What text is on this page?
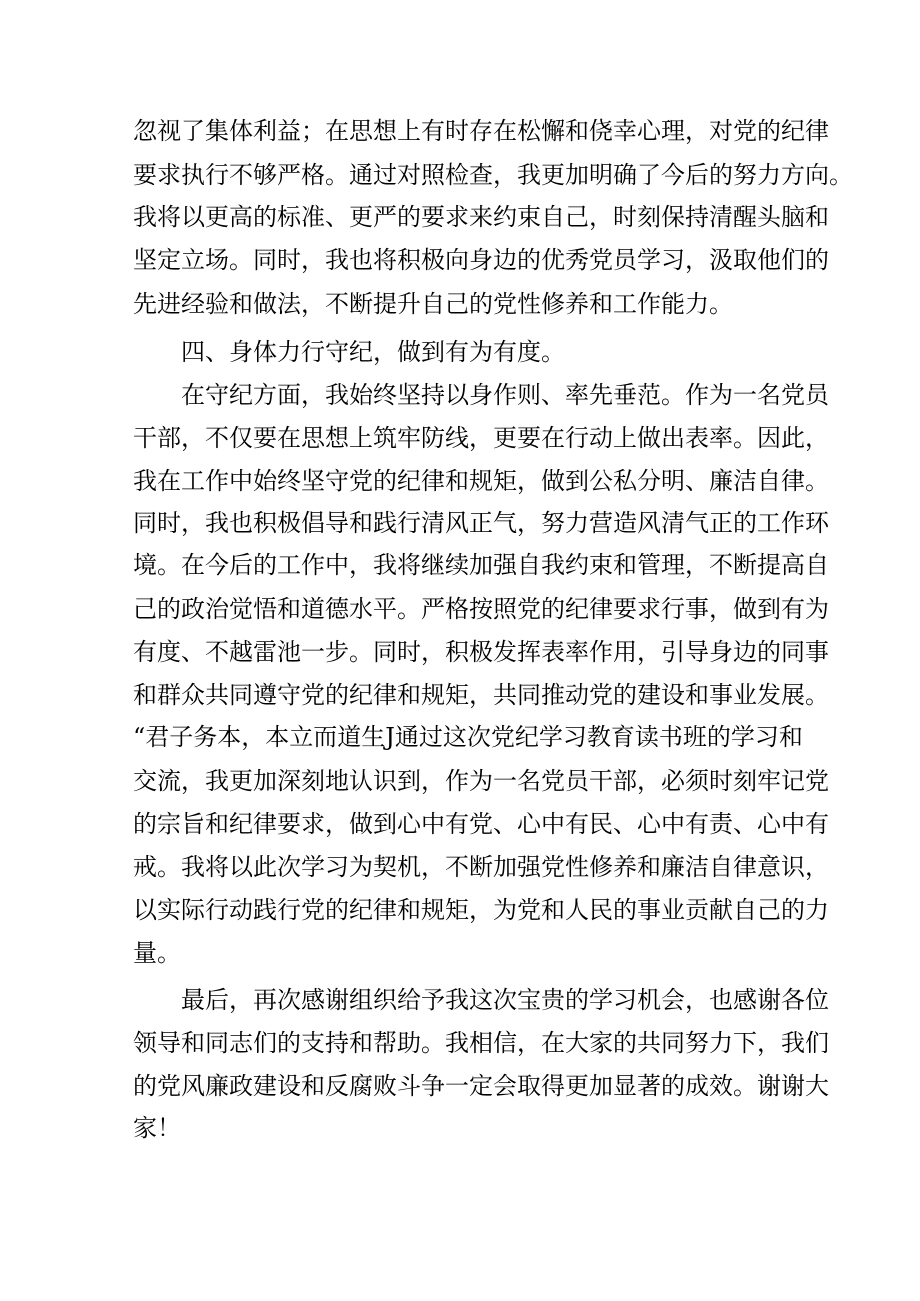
忽视了集体利益；在思想上有时存在松懈和侥幸心理，对党的纪律
要求执行不够严格。通过对照检查，我更加明确了今后的努力方向。
我将以更高的标准、更严的要求来约束自己，时刻保持清醒头脑和
坚定立场。同时，我也将积极向身边的优秀党员学习，汲取他们的
先进经验和做法，不断提升自己的党性修养和工作能力。
四、身体力行守纪，做到有为有度。
在守纪方面，我始终坚持以身作则、率先垂范。作为一名党员
干部，不仅要在思想上筑牢防线，更要在行动上做出表率。因此，
我在工作中始终坚守党的纪律和规矩，做到公私分明、廉洁自律。
同时，我也积极倡导和践行清风正气，努力营造风清气正的工作环
境。在今后的工作中，我将继续加强自我约束和管理，不断提高自
己的政治觉悟和道德水平。严格按照党的纪律要求行事，做到有为
有度、不越雷池一步。同时，积极发挥表率作用，引导身边的同事
和群众共同遵守党的纪律和规矩，共同推动党的建设和事业发展。
“君子务本，本立而道生J通过这次党纪学习教育读书班的学习和
交流，我更加深刻地认识到，作为一名党员干部，必须时刻牢记党
的宗旨和纪律要求，做到心中有党、心中有民、心中有责、心中有
戒。我将以此次学习为契机，不断加强党性修养和廉洁自律意识，
以实际行动践行党的纪律和规矩，为党和人民的事业贡献自己的力
量。
最后，再次感谢组织给予我这次宝贵的学习机会，也感谢各位
领导和同志们的支持和帮助。我相信，在大家的共同努力下，我们
的党风廉政建设和反腐败斗争一定会取得更加显著的成效。谢谢大
家！
